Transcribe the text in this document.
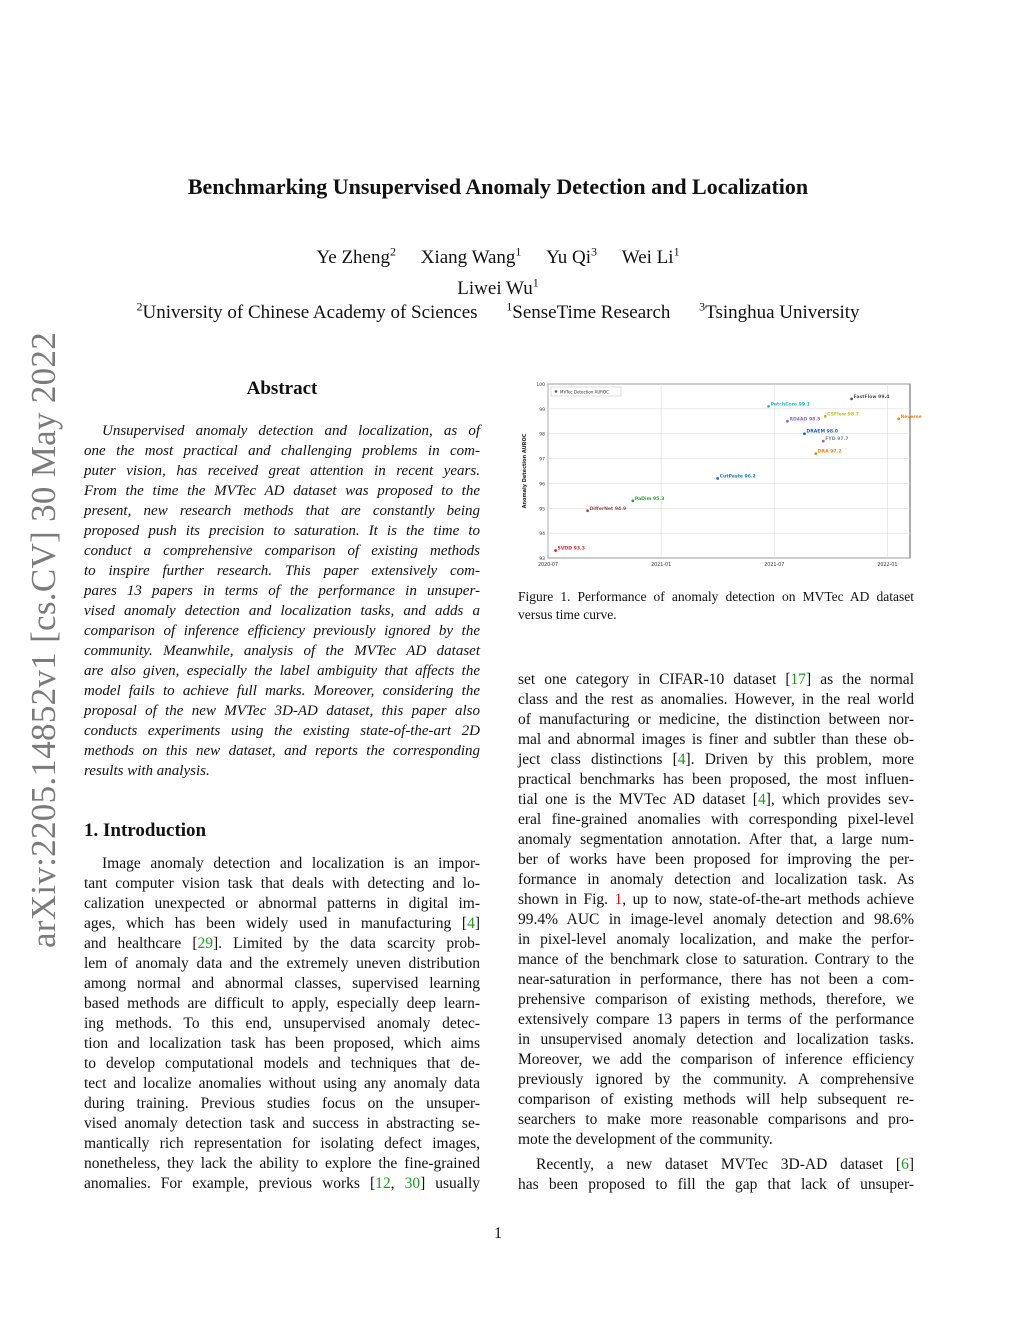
arXiv:2205.14852v1 [cs.CV] 30 May 2022
Benchmarking Unsupervised Anomaly Detection and Localization
Ye Zheng$^2$ Xiang Wang$^1$ Yu Qi$^3$ Wei Li$^1$
Liwei Wu$^1$
$^2$University of Chinese Academy of Sciences $^1$SenseTime Research $^3$Tsinghua University
Abstract
Unsupervised anomaly detection and localization, as of
one the most practical and challenging problems in com-
puter vision, has received great attention in recent years.
From the time the MVTec AD dataset was proposed to the
present, new research methods that are constantly being
proposed push its precision to saturation. It is the time to
conduct a comprehensive comparison of existing methods
to inspire further research. This paper extensively com-
pares 13 papers in terms of the performance in unsuper-
vised anomaly detection and localization tasks, and adds a
comparison of inference efficiency previously ignored by the
community. Meanwhile, analysis of the MVTec AD dataset
are also given, especially the label ambiguity that affects the
model fails to achieve full marks. Moreover, considering the
proposal of the new MVTec 3D-AD dataset, this paper also
conducts experiments using the existing state-of-the-art 2D
methods on this new dataset, and reports the corresponding
results with analysis.
1. Introduction
Image anomaly detection and localization is an impor-
tant computer vision task that deals with detecting and lo-
calization unexpected or abnormal patterns in digital im-
ages, which has been widely used in manufacturing [4]
and healthcare [29]. Limited by the data scarcity prob-
lem of anomaly data and the extremely uneven distribution
among normal and abnormal classes, supervised learning
based methods are difficult to apply, especially deep learn-
ing methods. To this end, unsupervised anomaly detec-
tion and localization task has been proposed, which aims
to develop computational models and techniques that de-
tect and localize anomalies without using any anomaly data
during training. Previous studies focus on the unsuper-
vised anomaly detection task and success in abstracting se-
mantically rich representation for isolating defect images,
nonetheless, they lack the ability to explore the fine-grained
anomalies. For example, previous works [12, 30] usually
93
94
95
96
97
98
99
100
2020-07	2021-01	2021-07	2022-01
Anomaly Detection AUROC
MVTec Detection AUROC
SVDD 93.3
DifferNet 94.9
PaDim 95.3
CutPaste 96.2
RD4AD 98.5
DRAEM 98.0
DRA 97.2
PatchCore 99.1
FYD 97.7
CSFlow 98.7
FastFlow 99.4
Reverse
Figure 1. Performance of anomaly detection on MVTec AD dataset versus time curve.
set one category in CIFAR-10 dataset [17] as the normal
class and the rest as anomalies. However, in the real world
of manufacturing or medicine, the distinction between nor-
mal and abnormal images is finer and subtler than these ob-
ject class distinctions [4]. Driven by this problem, more
practical benchmarks has been proposed, the most influen-
tial one is the MVTec AD dataset [4], which provides sev-
eral fine-grained anomalies with corresponding pixel-level
anomaly segmentation annotation. After that, a large num-
ber of works have been proposed for improving the per-
formance in anomaly detection and localization task. As
shown in Fig. 1, up to now, state-of-the-art methods achieve
99.4% AUC in image-level anomaly detection and 98.6%
in pixel-level anomaly localization, and make the perfor-
mance of the benchmark close to saturation. Contrary to the
near-saturation in performance, there has not been a com-
prehensive comparison of existing methods, therefore, we
extensively compare 13 papers in terms of the performance
in unsupervised anomaly detection and localization tasks.
Moreover, we add the comparison of inference efficiency
previously ignored by the community. A comprehensive
comparison of existing methods will help subsequent re-
searchers to make more reasonable comparisons and pro-
mote the development of the community.
Recently, a new dataset MVTec 3D-AD dataset [6]
has been proposed to fill the gap that lack of unsuper-
1
